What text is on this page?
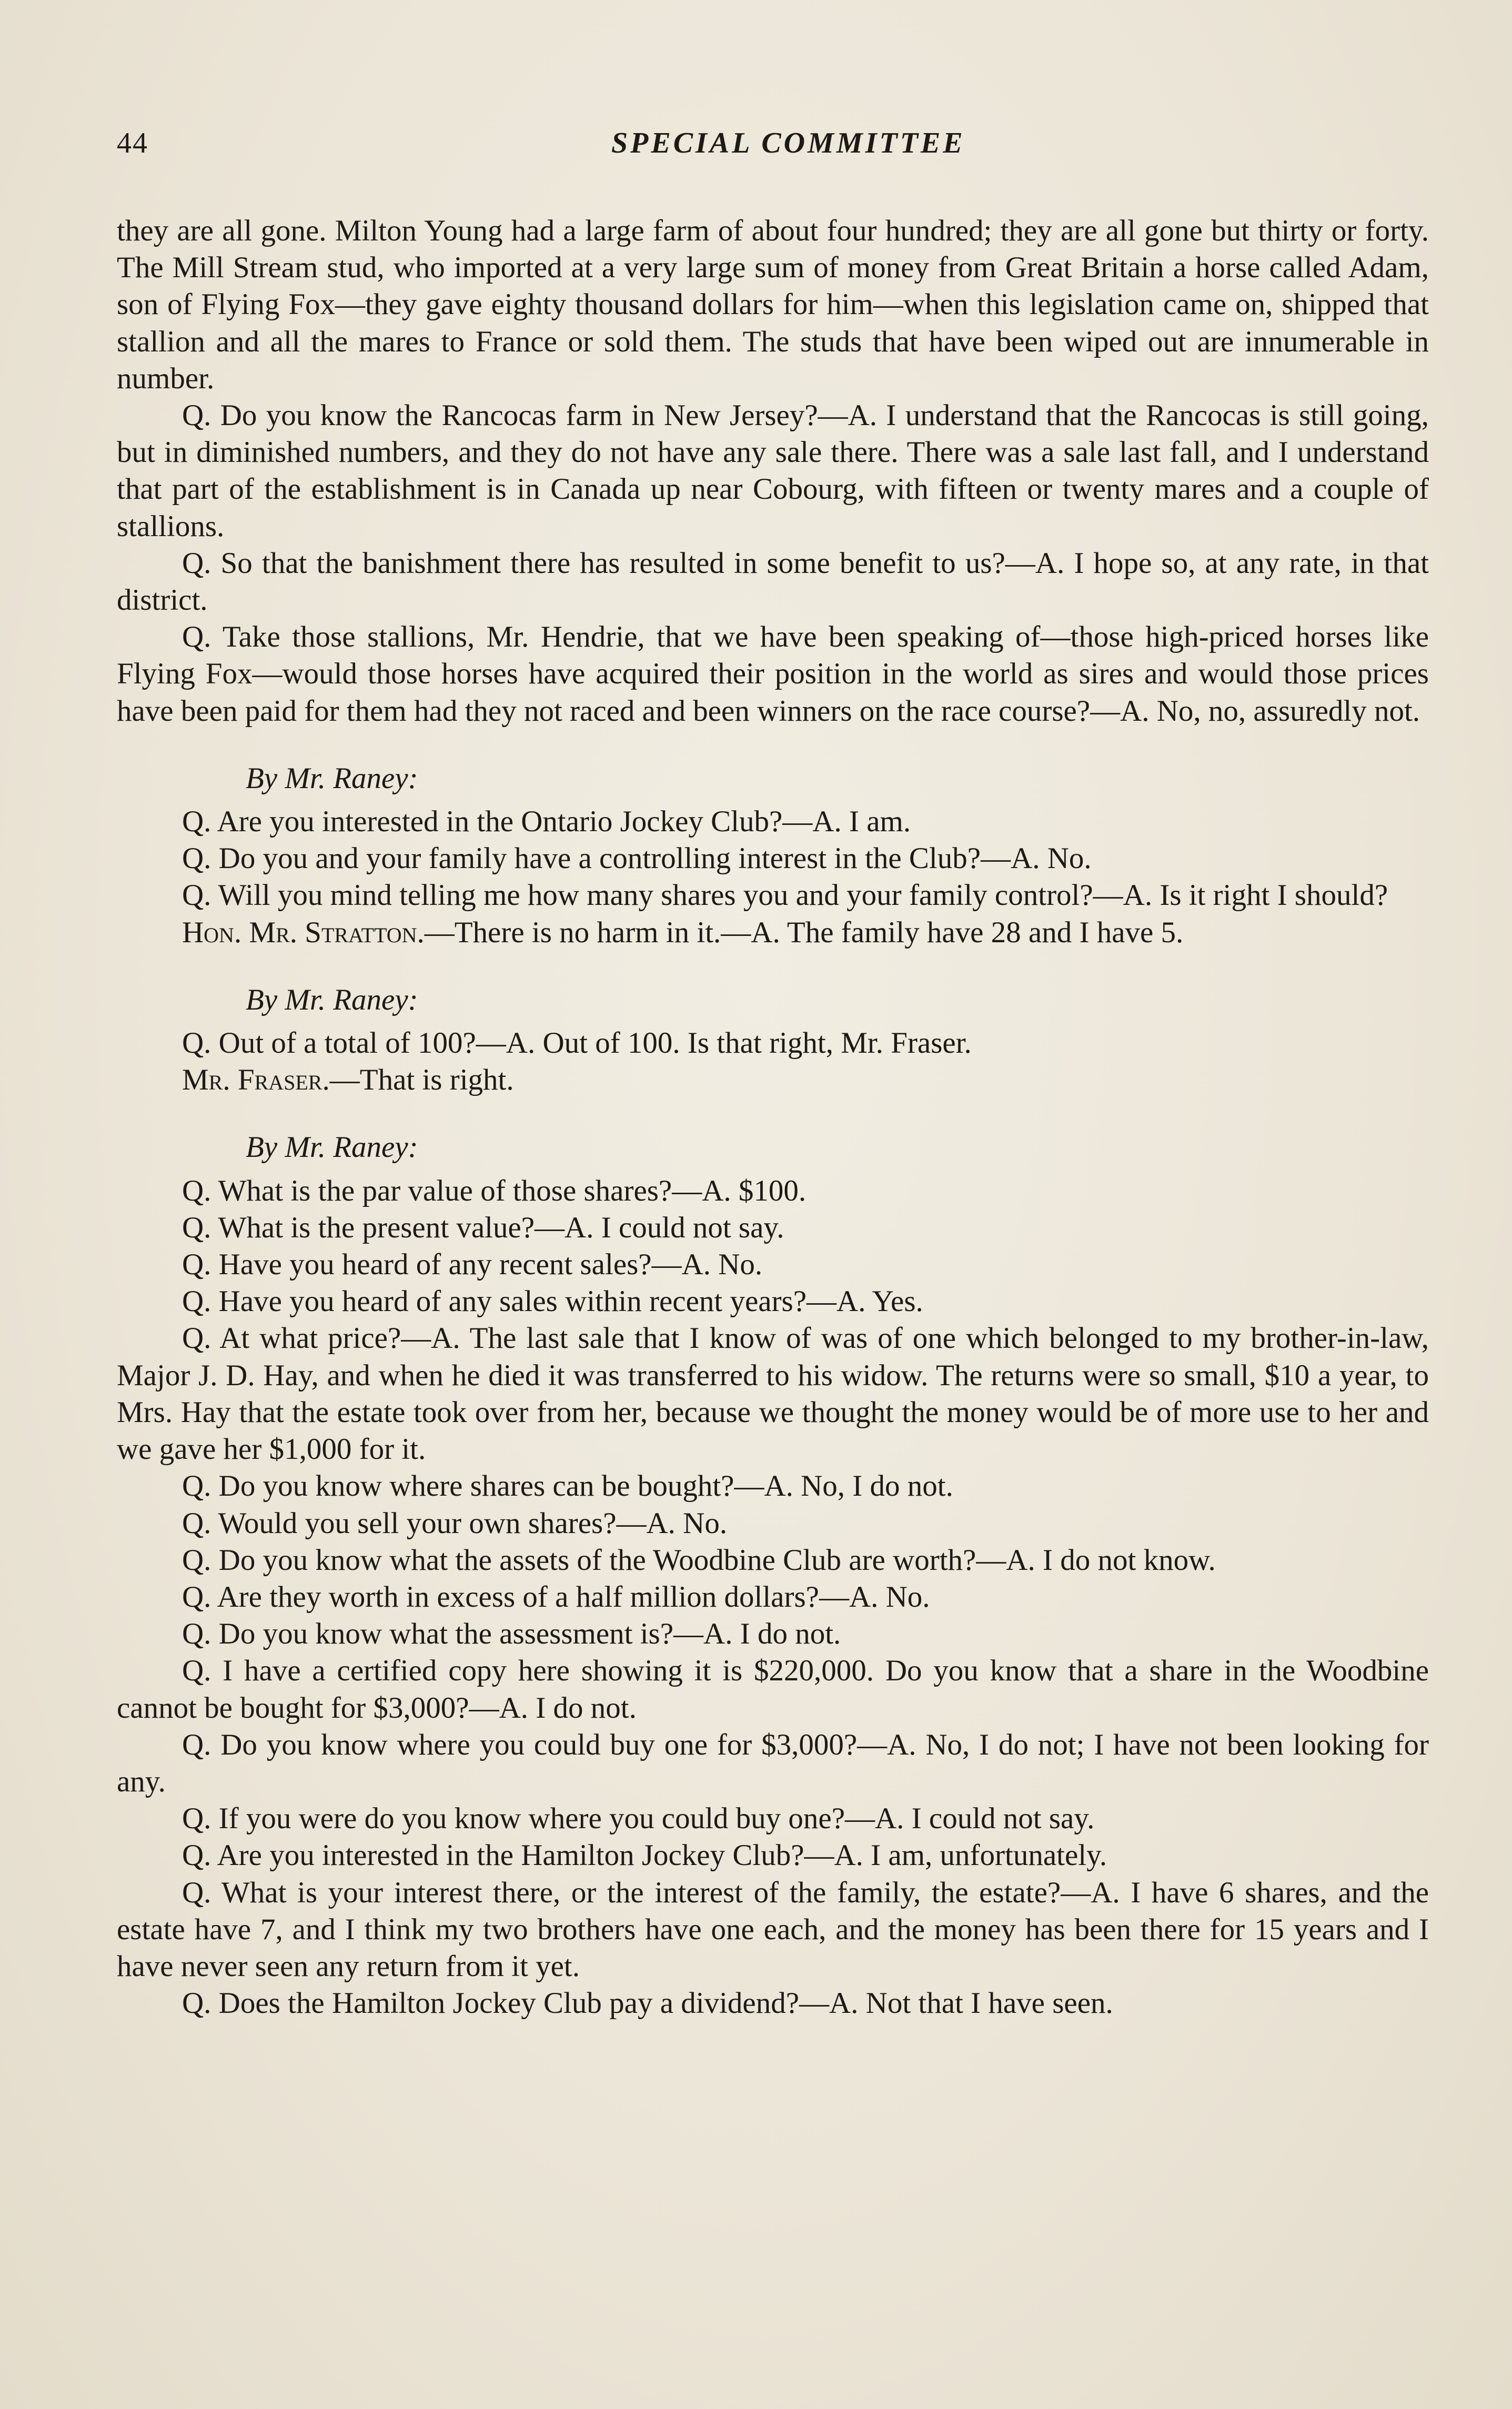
44	SPECIAL COMMITTEE

they are all gone. Milton Young had a large farm of about four hundred; they are all gone but thirty or forty. The Mill Stream stud, who imported at a very large sum of money from Great Britain a horse called Adam, son of Flying Fox—they gave eighty thousand dollars for him—when this legislation came on, shipped that stallion and all the mares to France or sold them. The studs that have been wiped out are innumerable in number.

Q. Do you know the Rancocas farm in New Jersey?—A. I understand that the Rancocas is still going, but in diminished numbers, and they do not have any sale there. There was a sale last fall, and I understand that part of the establishment is in Canada up near Cobourg, with fifteen or twenty mares and a couple of stallions.

Q. So that the banishment there has resulted in some benefit to us?—A. I hope so, at any rate, in that district.

Q. Take those stallions, Mr. Hendrie, that we have been speaking of—those high-priced horses like Flying Fox—would those horses have acquired their position in the world as sires and would those prices have been paid for them had they not raced and been winners on the race course?—A. No, no, assuredly not.

By Mr. Raney:

Q. Are you interested in the Ontario Jockey Club?—A. I am.

Q. Do you and your family have a controlling interest in the Club?—A. No.

Q. Will you mind telling me how many shares you and your family control?—A. Is it right I should?

Hon. Mr. Stratton.—There is no harm in it.—A. The family have 28 and I have 5.

By Mr. Raney:

Q. Out of a total of 100?—A. Out of 100. Is that right, Mr. Fraser.

Mr. Fraser.—That is right.

By Mr. Raney:

Q. What is the par value of those shares?—A. $100.

Q. What is the present value?—A. I could not say.

Q. Have you heard of any recent sales?—A. No.

Q. Have you heard of any sales within recent years?—A. Yes.

Q. At what price?—A. The last sale that I know of was of one which belonged to my brother-in-law, Major J. D. Hay, and when he died it was transferred to his widow. The returns were so small, $10 a year, to Mrs. Hay that the estate took over from her, because we thought the money would be of more use to her and we gave her $1,000 for it.

Q. Do you know where shares can be bought?—A. No, I do not.

Q. Would you sell your own shares?—A. No.

Q. Do you know what the assets of the Woodbine Club are worth?—A. I do not know.

Q. Are they worth in excess of a half million dollars?—A. No.

Q. Do you know what the assessment is?—A. I do not.

Q. I have a certified copy here showing it is $220,000. Do you know that a share in the Woodbine cannot be bought for $3,000?—A. I do not.

Q. Do you know where you could buy one for $3,000?—A. No, I do not; I have not been looking for any.

Q. If you were do you know where you could buy one?—A. I could not say.

Q. Are you interested in the Hamilton Jockey Club?—A. I am, unfortunately.

Q. What is your interest there, or the interest of the family, the estate?—A. I have 6 shares, and the estate have 7, and I think my two brothers have one each, and the money has been there for 15 years and I have never seen any return from it yet.

Q. Does the Hamilton Jockey Club pay a dividend?—A. Not that I have seen.
